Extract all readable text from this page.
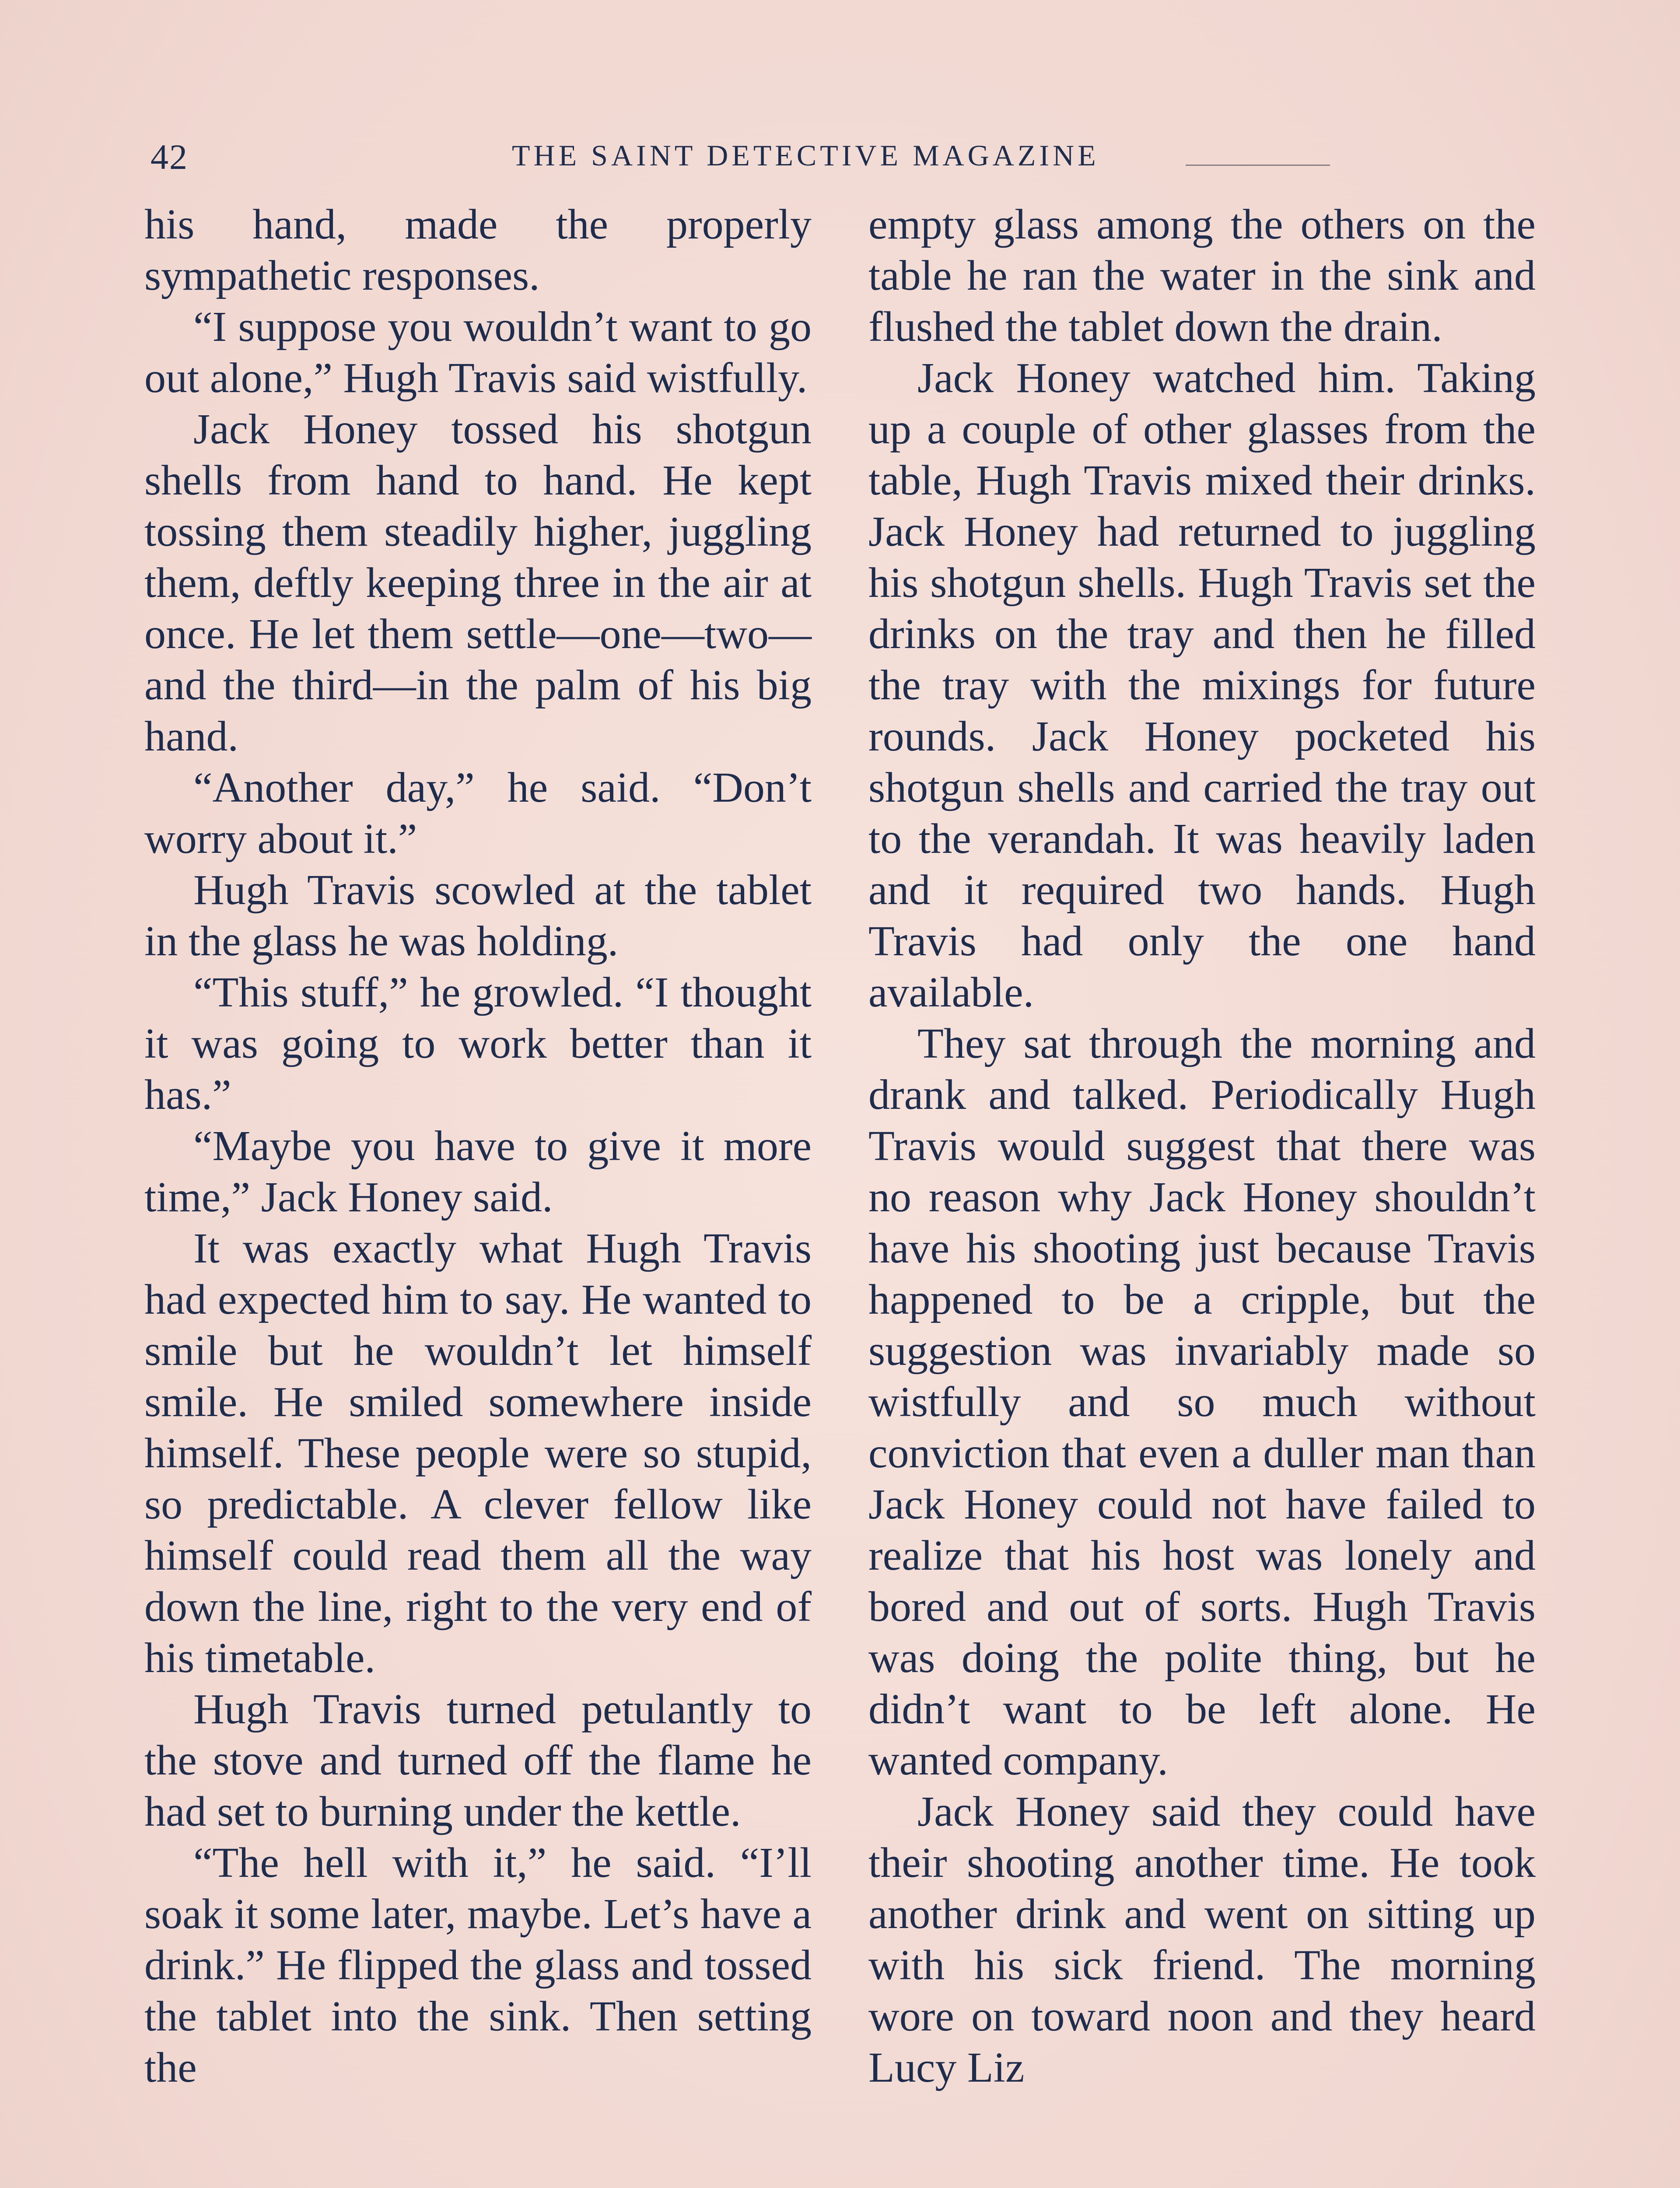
42	THE SAINT DETECTIVE MAGAZINE

his hand, made the properly sympathetic responses.

“I suppose you wouldn’t want to go out alone,” Hugh Travis said wistfully.

Jack Honey tossed his shotgun shells from hand to hand. He kept tossing them steadily higher, juggling them, deftly keeping three in the air at once. He let them settle—one—two—and the third—in the palm of his big hand.

“Another day,” he said. “Don’t worry about it.”

Hugh Travis scowled at the tablet in the glass he was holding.

“This stuff,” he growled. “I thought it was going to work better than it has.”

“Maybe you have to give it more time,” Jack Honey said.

It was exactly what Hugh Travis had expected him to say. He wanted to smile but he wouldn’t let himself smile. He smiled somewhere inside himself. These people were so stupid, so predictable. A clever fellow like himself could read them all the way down the line, right to the very end of his timetable.

Hugh Travis turned petulantly to the stove and turned off the flame he had set to burning under the kettle.

“The hell with it,” he said. “I’ll soak it some later, maybe. Let’s have a drink.” He flipped the glass and tossed the tablet into the sink. Then setting the

empty glass among the others on the table he ran the water in the sink and flushed the tablet down the drain.

Jack Honey watched him. Taking up a couple of other glasses from the table, Hugh Travis mixed their drinks. Jack Honey had returned to juggling his shotgun shells. Hugh Travis set the drinks on the tray and then he filled the tray with the mixings for future rounds. Jack Honey pocketed his shotgun shells and carried the tray out to the verandah. It was heavily laden and it required two hands. Hugh Travis had only the one hand available.

They sat through the morning and drank and talked. Periodically Hugh Travis would suggest that there was no reason why Jack Honey shouldn’t have his shooting just because Travis happened to be a cripple, but the suggestion was invariably made so wistfully and so much without conviction that even a duller man than Jack Honey could not have failed to realize that his host was lonely and bored and out of sorts. Hugh Travis was doing the polite thing, but he didn’t want to be left alone. He wanted company.

Jack Honey said they could have their shooting another time. He took another drink and went on sitting up with his sick friend. The morning wore on toward noon and they heard Lucy Liz
